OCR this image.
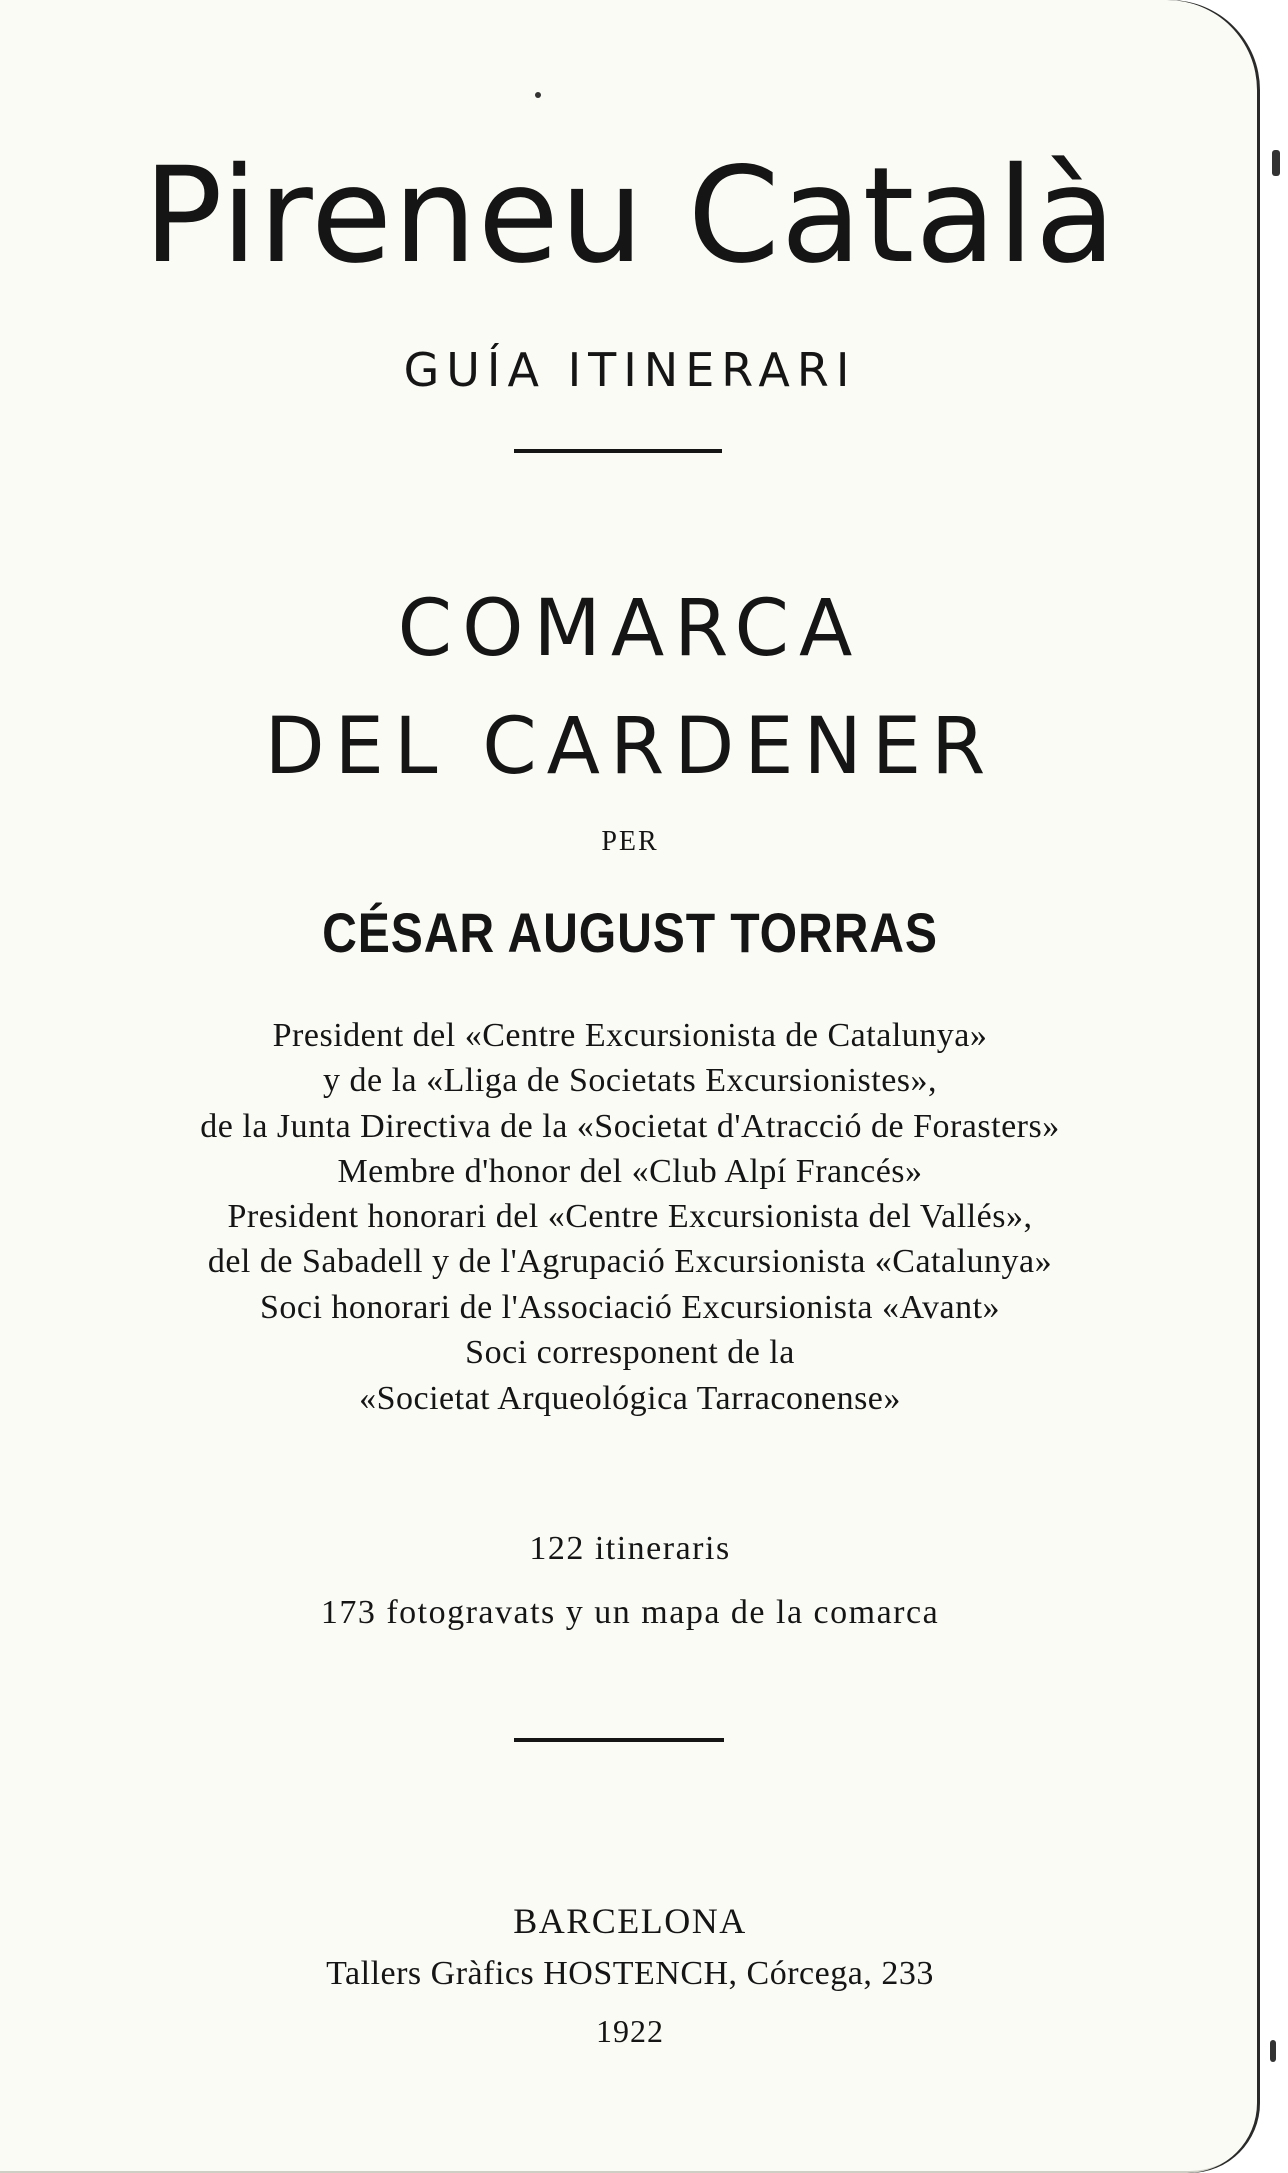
Pireneu Català
GUÍA ITINERARI
COMARCA
DEL CARDENER
PER
CÉSAR AUGUST TORRAS
President del «Centre Excursionista de Catalunya»
y de la «Lliga de Societats Excursionistes»,
de la Junta Directiva de la «Societat d'Atracció de Forasters»
Membre d'honor del «Club Alpí Francés»
President honorari del «Centre Excursionista del Vallés»,
del de Sabadell y de l'Agrupació Excursionista «Catalunya»
Soci honorari de l'Associació Excursionista «Avant»
Soci corresponent de la
«Societat Arqueológica Tarraconense»
122 itineraris
173 fotogravats y un mapa de la comarca
BARCELONA
Tallers Gràfics HOSTENCH, Córcega, 233
1922
